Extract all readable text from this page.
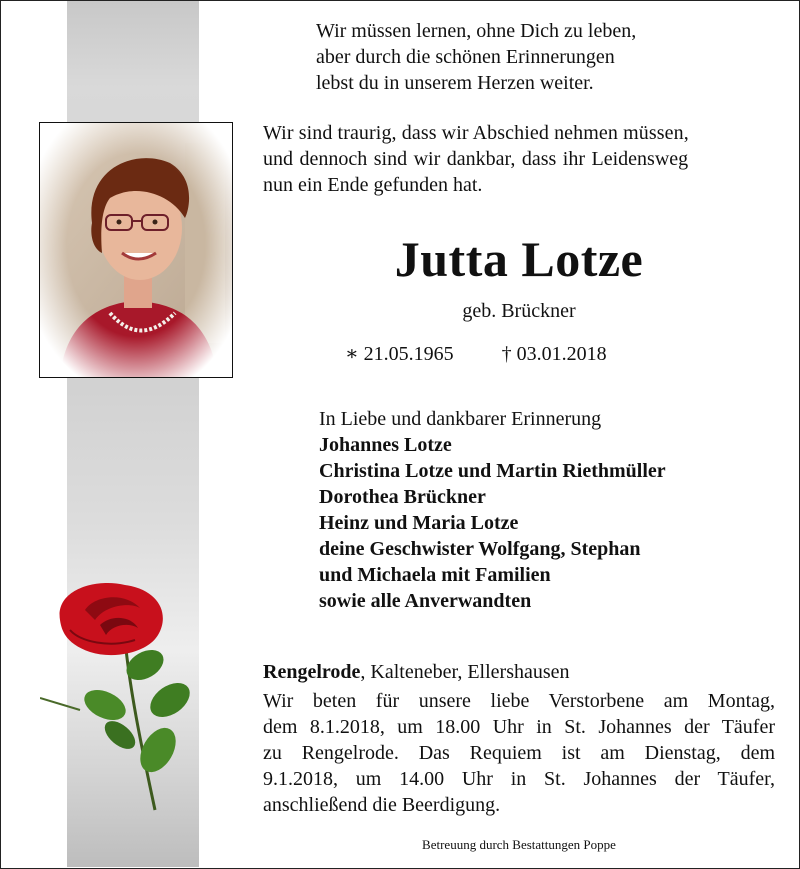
Wir müssen lernen, ohne Dich zu leben,
aber durch die schönen Erinnerungen
lebst du in unserem Herzen weiter.
Wir sind traurig, dass wir Abschied nehmen müssen,
und dennoch sind wir dankbar, dass ihr Leidensweg
nun ein Ende gefunden hat.
Jutta Lotze
geb. Brückner
∗ 21.05.1965 † 03.01.2018
In Liebe und dankbarer Erinnerung
Johannes Lotze
Christina Lotze und Martin Riethmüller
Dorothea Brückner
Heinz und Maria Lotze
deine Geschwister Wolfgang, Stephan
und Michaela mit Familien
sowie alle Anverwandten
Rengelrode, Kalteneber, Ellershausen
Wir beten für unsere liebe Verstorbene am Montag,
dem 8.1.2018, um 18.00 Uhr in St. Johannes der Täufer
zu Rengelrode. Das Requiem ist am Dienstag, dem
9.1.2018, um 14.00 Uhr in St. Johannes der Täufer,
anschließend die Beerdigung.
Betreuung durch Bestattungen Poppe
